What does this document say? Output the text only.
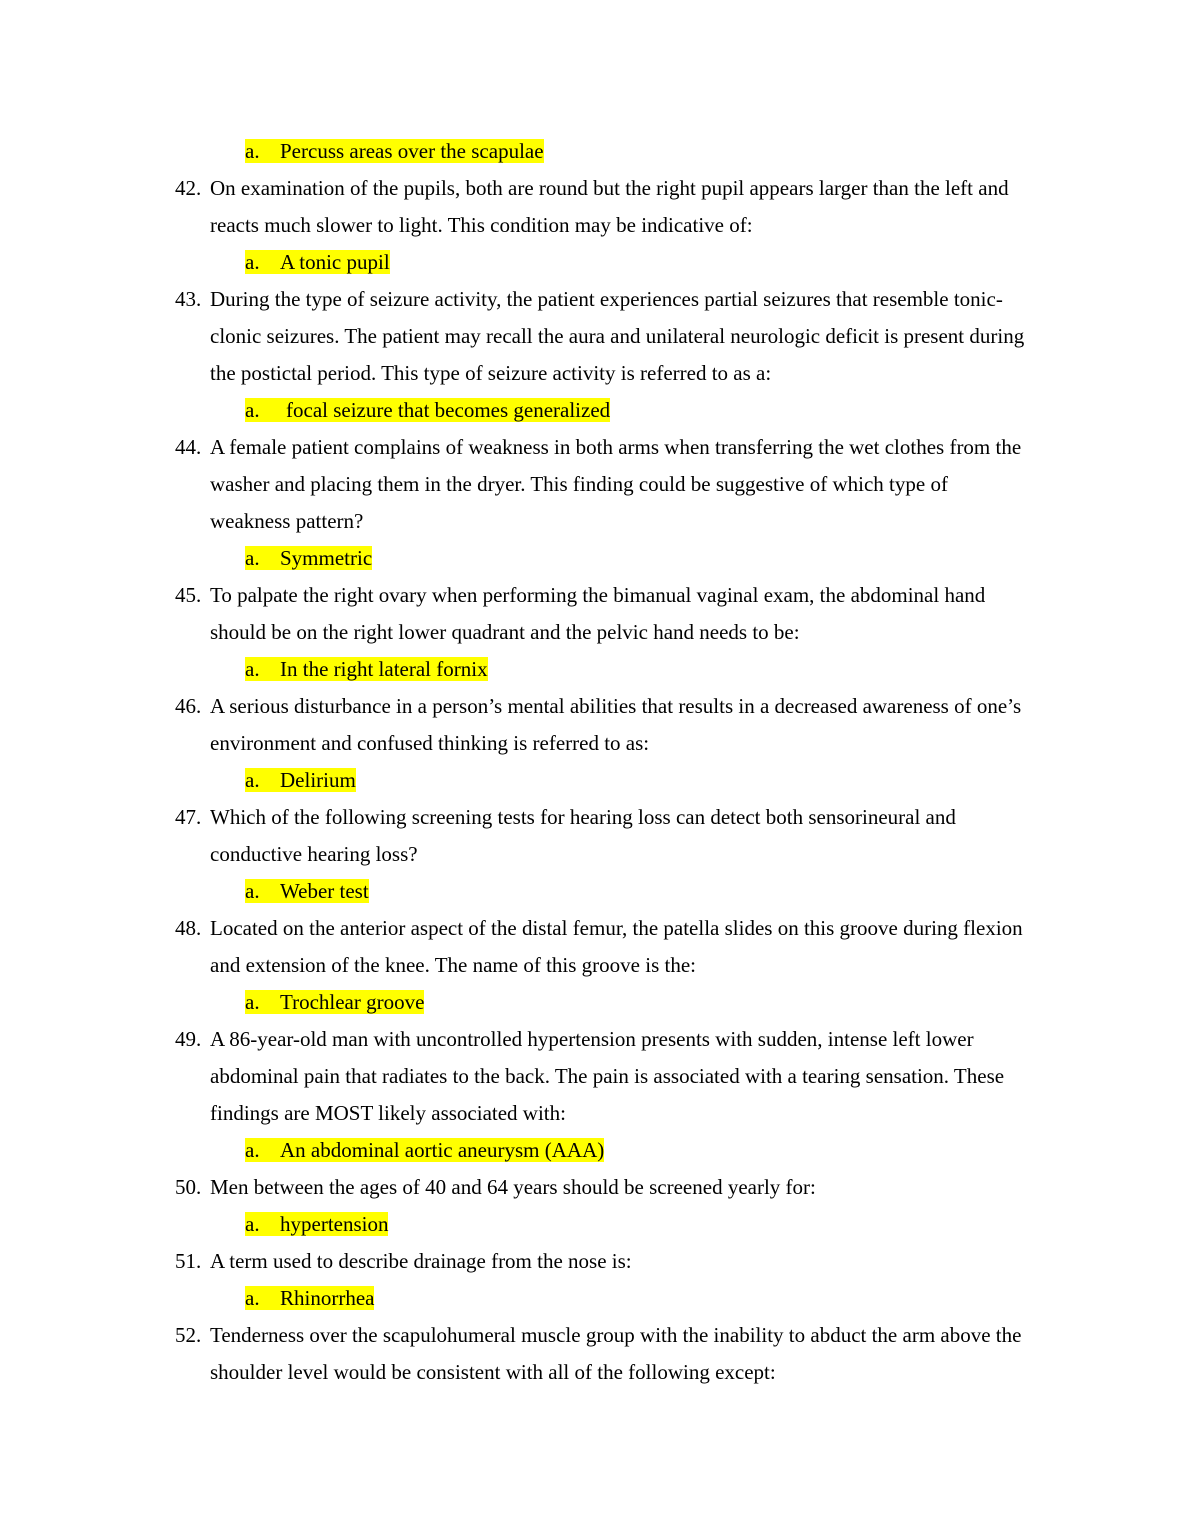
a. Percuss areas over the scapulae
42. On examination of the pupils, both are round but the right pupil appears larger than the left and
reacts much slower to light. This condition may be indicative of:
a. A tonic pupil
43. During the type of seizure activity, the patient experiences partial seizures that resemble tonic-
clonic seizures. The patient may recall the aura and unilateral neurologic deficit is present during
the postictal period. This type of seizure activity is referred to as a:
a. focal seizure that becomes generalized
44. A female patient complains of weakness in both arms when transferring the wet clothes from the
washer and placing them in the dryer. This finding could be suggestive of which type of
weakness pattern?
a. Symmetric
45. To palpate the right ovary when performing the bimanual vaginal exam, the abdominal hand
should be on the right lower quadrant and the pelvic hand needs to be:
a. In the right lateral fornix
46. A serious disturbance in a person’s mental abilities that results in a decreased awareness of one’s
environment and confused thinking is referred to as:
a. Delirium
47. Which of the following screening tests for hearing loss can detect both sensorineural and
conductive hearing loss?
a. Weber test
48. Located on the anterior aspect of the distal femur, the patella slides on this groove during flexion
and extension of the knee. The name of this groove is the:
a. Trochlear groove
49. A 86-year-old man with uncontrolled hypertension presents with sudden, intense left lower
abdominal pain that radiates to the back. The pain is associated with a tearing sensation. These
findings are MOST likely associated with:
a. An abdominal aortic aneurysm (AAA)
50. Men between the ages of 40 and 64 years should be screened yearly for:
a. hypertension
51. A term used to describe drainage from the nose is:
a. Rhinorrhea
52. Tenderness over the scapulohumeral muscle group with the inability to abduct the arm above the
shoulder level would be consistent with all of the following except:
